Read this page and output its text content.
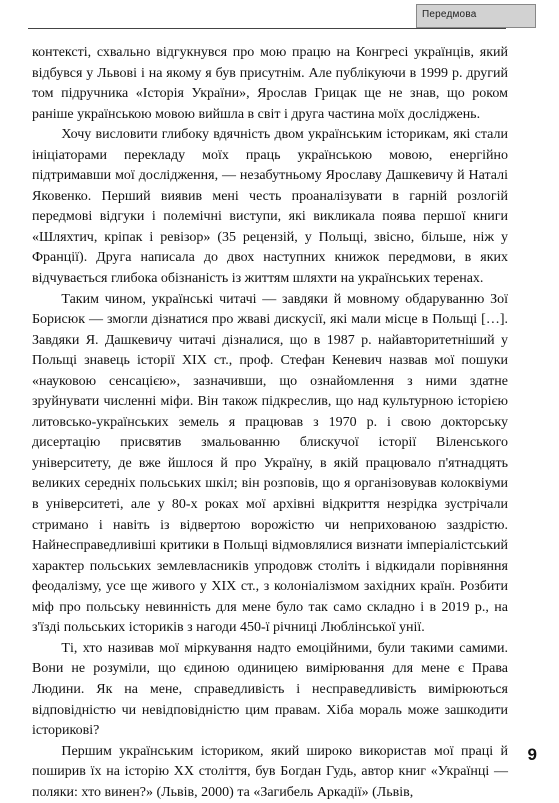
Передмова

контексті, схвально відгукнувся про мою працю на Конгресі українців, який відбувся у Львові і на якому я був присутнім. Але публікуючи в 1999 р. другий том підручника «Історія України», Ярослав Грицак ще не знав, що роком раніше українською мовою вийшла в світ і друга частина моїх досліджень.

Хочу висловити глибоку вдячність двом українським історикам, які стали ініціаторами перекладу моїх праць українською мовою, енергійно підтримавши мої дослідження, — незабутньому Ярославу Дашкевичу й Наталі Яковенко. Перший виявив мені честь проаналізувати в гарній розлогій передмові відгуки і полемічні виступи, які викликала поява першої книги «Шляхтич, кріпак і ревізор» (35 рецензій, у Польщі, звісно, більше, ніж у Франції). Друга написала до двох наступних книжок передмови, в яких відчувається глибока обізнаність із життям шляхти на українських теренах.

Таким чином, українські читачі — завдяки й мовному обдаруванню Зої Борисюк — змогли дізнатися про жваві дискусії, які мали місце в Польщі […]. Завдяки Я. Дашкевичу читачі дізналися, що в 1987 р. найавторитетніший у Польщі знавець історії XIX ст., проф. Стефан Кеневич назвав мої пошуки «науковою сенсацією», зазначивши, що ознайомлення з ними здатне зруйнувати численні міфи. Він також підкреслив, що над культурною історією литовсько-українських земель я працював з 1970 р. і свою докторську дисертацію присвятив змальованню блискучої історії Віленського університету, де вже йшлося й про Україну, в якій працювало п'ятнадцять великих середніх польських шкіл; він розповів, що я організовував колоквіуми в університеті, але у 80-х роках мої архівні відкриття незрідка зустрічали стримано і навіть із відвертою ворожістю чи неприхованою заздрістю. Найнесправедливіші критики в Польщі відмовлялися визнати імперіалістський характер польських землевласників упродовж століть і відкидали порівняння феодалізму, усе ще живого у XIX ст., з колоніалізмом західних країн. Розбити міф про польську невинність для мене було так само складно і в 2019 р., на з'їзді польських істориків з нагоди 450-ї річниці Люблінської унії.

Ті, хто називав мої міркування надто емоційними, були такими самими. Вони не розуміли, що єдиною одиницею вимірювання для мене є Права Людини. Як на мене, справедливість і несправедливість вимірюються відповідністю чи невідповідністю цим правам. Хіба мораль може зашкодити історикові?

Першим українським істориком, який широко використав мої праці й поширив їх на історію XX століття, був Богдан Гудь, автор книг «Українці — поляки: хто винен?» (Львів, 2000) та «Загибель Аркадії» (Львів,

9
